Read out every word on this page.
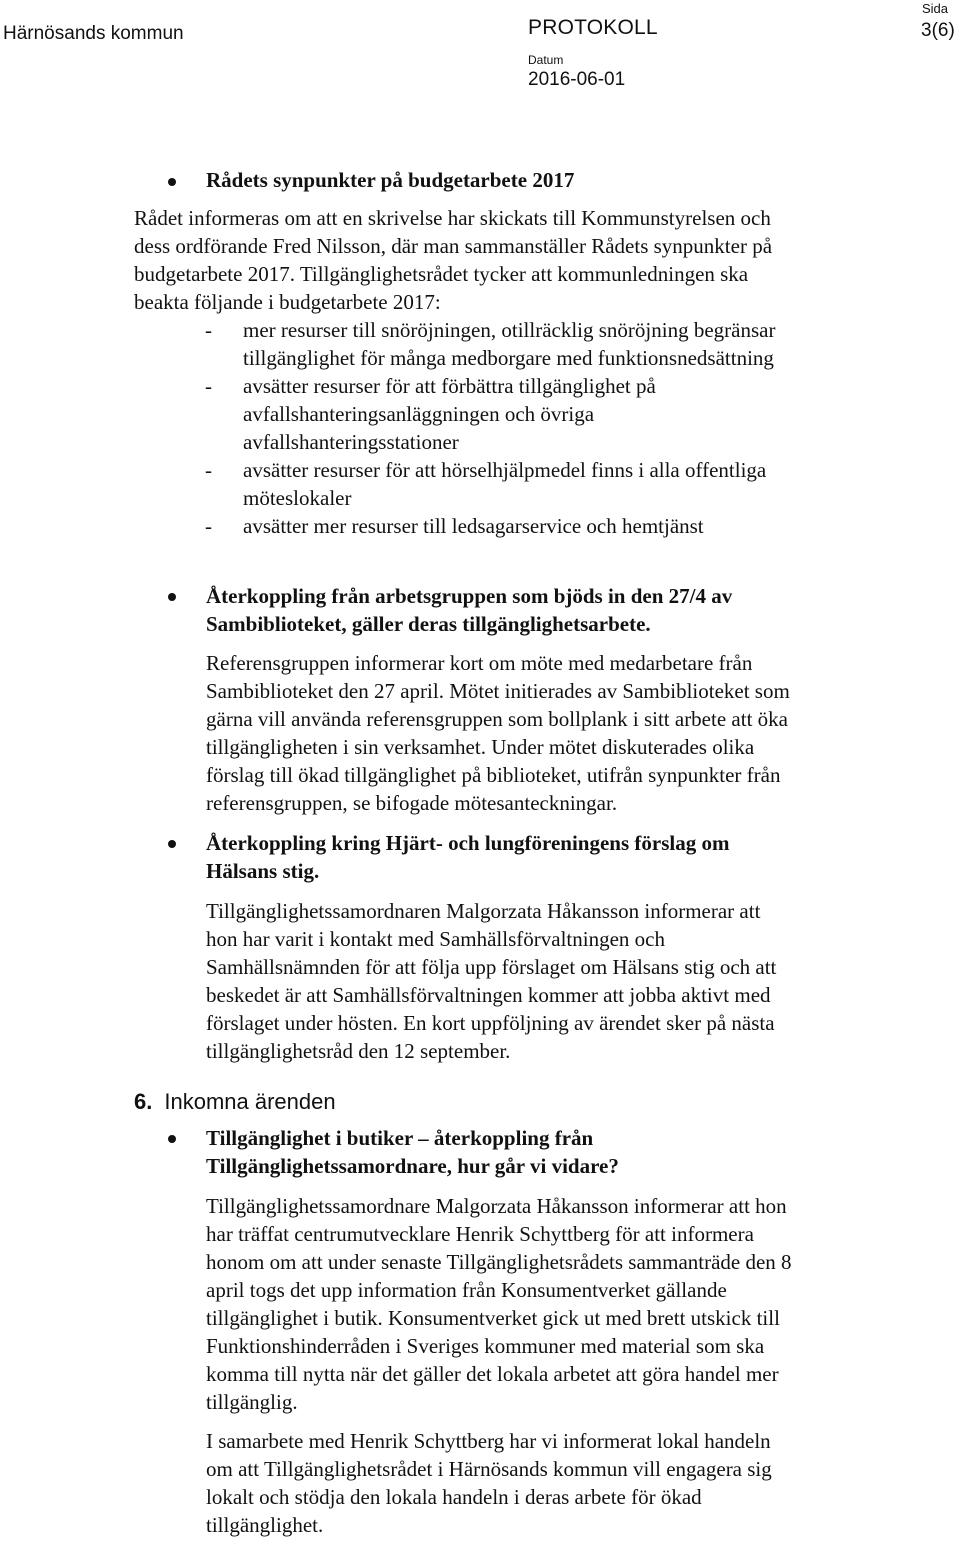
Härnösands kommun	PROTOKOLL
Sida
3(6)
Datum
2016-06-01
Rådets synpunkter på budgetarbete 2017
Rådet informeras om att en skrivelse har skickats till Kommunstyrelsen och
dess ordförande Fred Nilsson, där man sammanställer Rådets synpunkter på
budgetarbete 2017. Tillgänglighetsrådet tycker att kommunledningen ska
beakta följande i budgetarbete 2017:
- mer resurser till snöröjningen, otillräcklig snöröjning begränsar
tillgänglighet för många medborgare med funktionsnedsättning
- avsätter resurser för att förbättra tillgänglighet på
avfallshanteringsanläggningen och övriga
avfallshanteringsstationer
- avsätter resurser för att hörselhjälpmedel finns i alla offentliga
möteslokaler
- avsätter mer resurser till ledsagarservice och hemtjänst
Återkoppling från arbetsgruppen som bjöds in den 27/4 av
Sambiblioteket, gäller deras tillgänglighetsarbete.
Referensgruppen informerar kort om möte med medarbetare från
Sambiblioteket den 27 april. Mötet initierades av Sambiblioteket som
gärna vill använda referensgruppen som bollplank i sitt arbete att öka
tillgängligheten i sin verksamhet. Under mötet diskuterades olika
förslag till ökad tillgänglighet på biblioteket, utifrån synpunkter från
referensgruppen, se bifogade mötesanteckningar.
Återkoppling kring Hjärt- och lungföreningens förslag om
Hälsans stig.
Tillgänglighetssamordnaren Malgorzata Håkansson informerar att
hon har varit i kontakt med Samhällsförvaltningen och
Samhällsnämnden för att följa upp förslaget om Hälsans stig och att
beskedet är att Samhällsförvaltningen kommer att jobba aktivt med
förslaget under hösten. En kort uppföljning av ärendet sker på nästa
tillgänglighetsråd den 12 september.
6. Inkomna ärenden
Tillgänglighet i butiker – återkoppling från
Tillgänglighetssamordnare, hur går vi vidare?
Tillgänglighetssamordnare Malgorzata Håkansson informerar att hon
har träffat centrumutvecklare Henrik Schyttberg för att informera
honom om att under senaste Tillgänglighetsrådets sammanträde den 8
april togs det upp information från Konsumentverket gällande
tillgänglighet i butik. Konsumentverket gick ut med brett utskick till
Funktionshinderråden i Sveriges kommuner med material som ska
komma till nytta när det gäller det lokala arbetet att göra handel mer
tillgänglig.
I samarbete med Henrik Schyttberg har vi informerat lokal handeln
om att Tillgänglighetsrådet i Härnösands kommun vill engagera sig
lokalt och stödja den lokala handeln i deras arbete för ökad
tillgänglighet.
